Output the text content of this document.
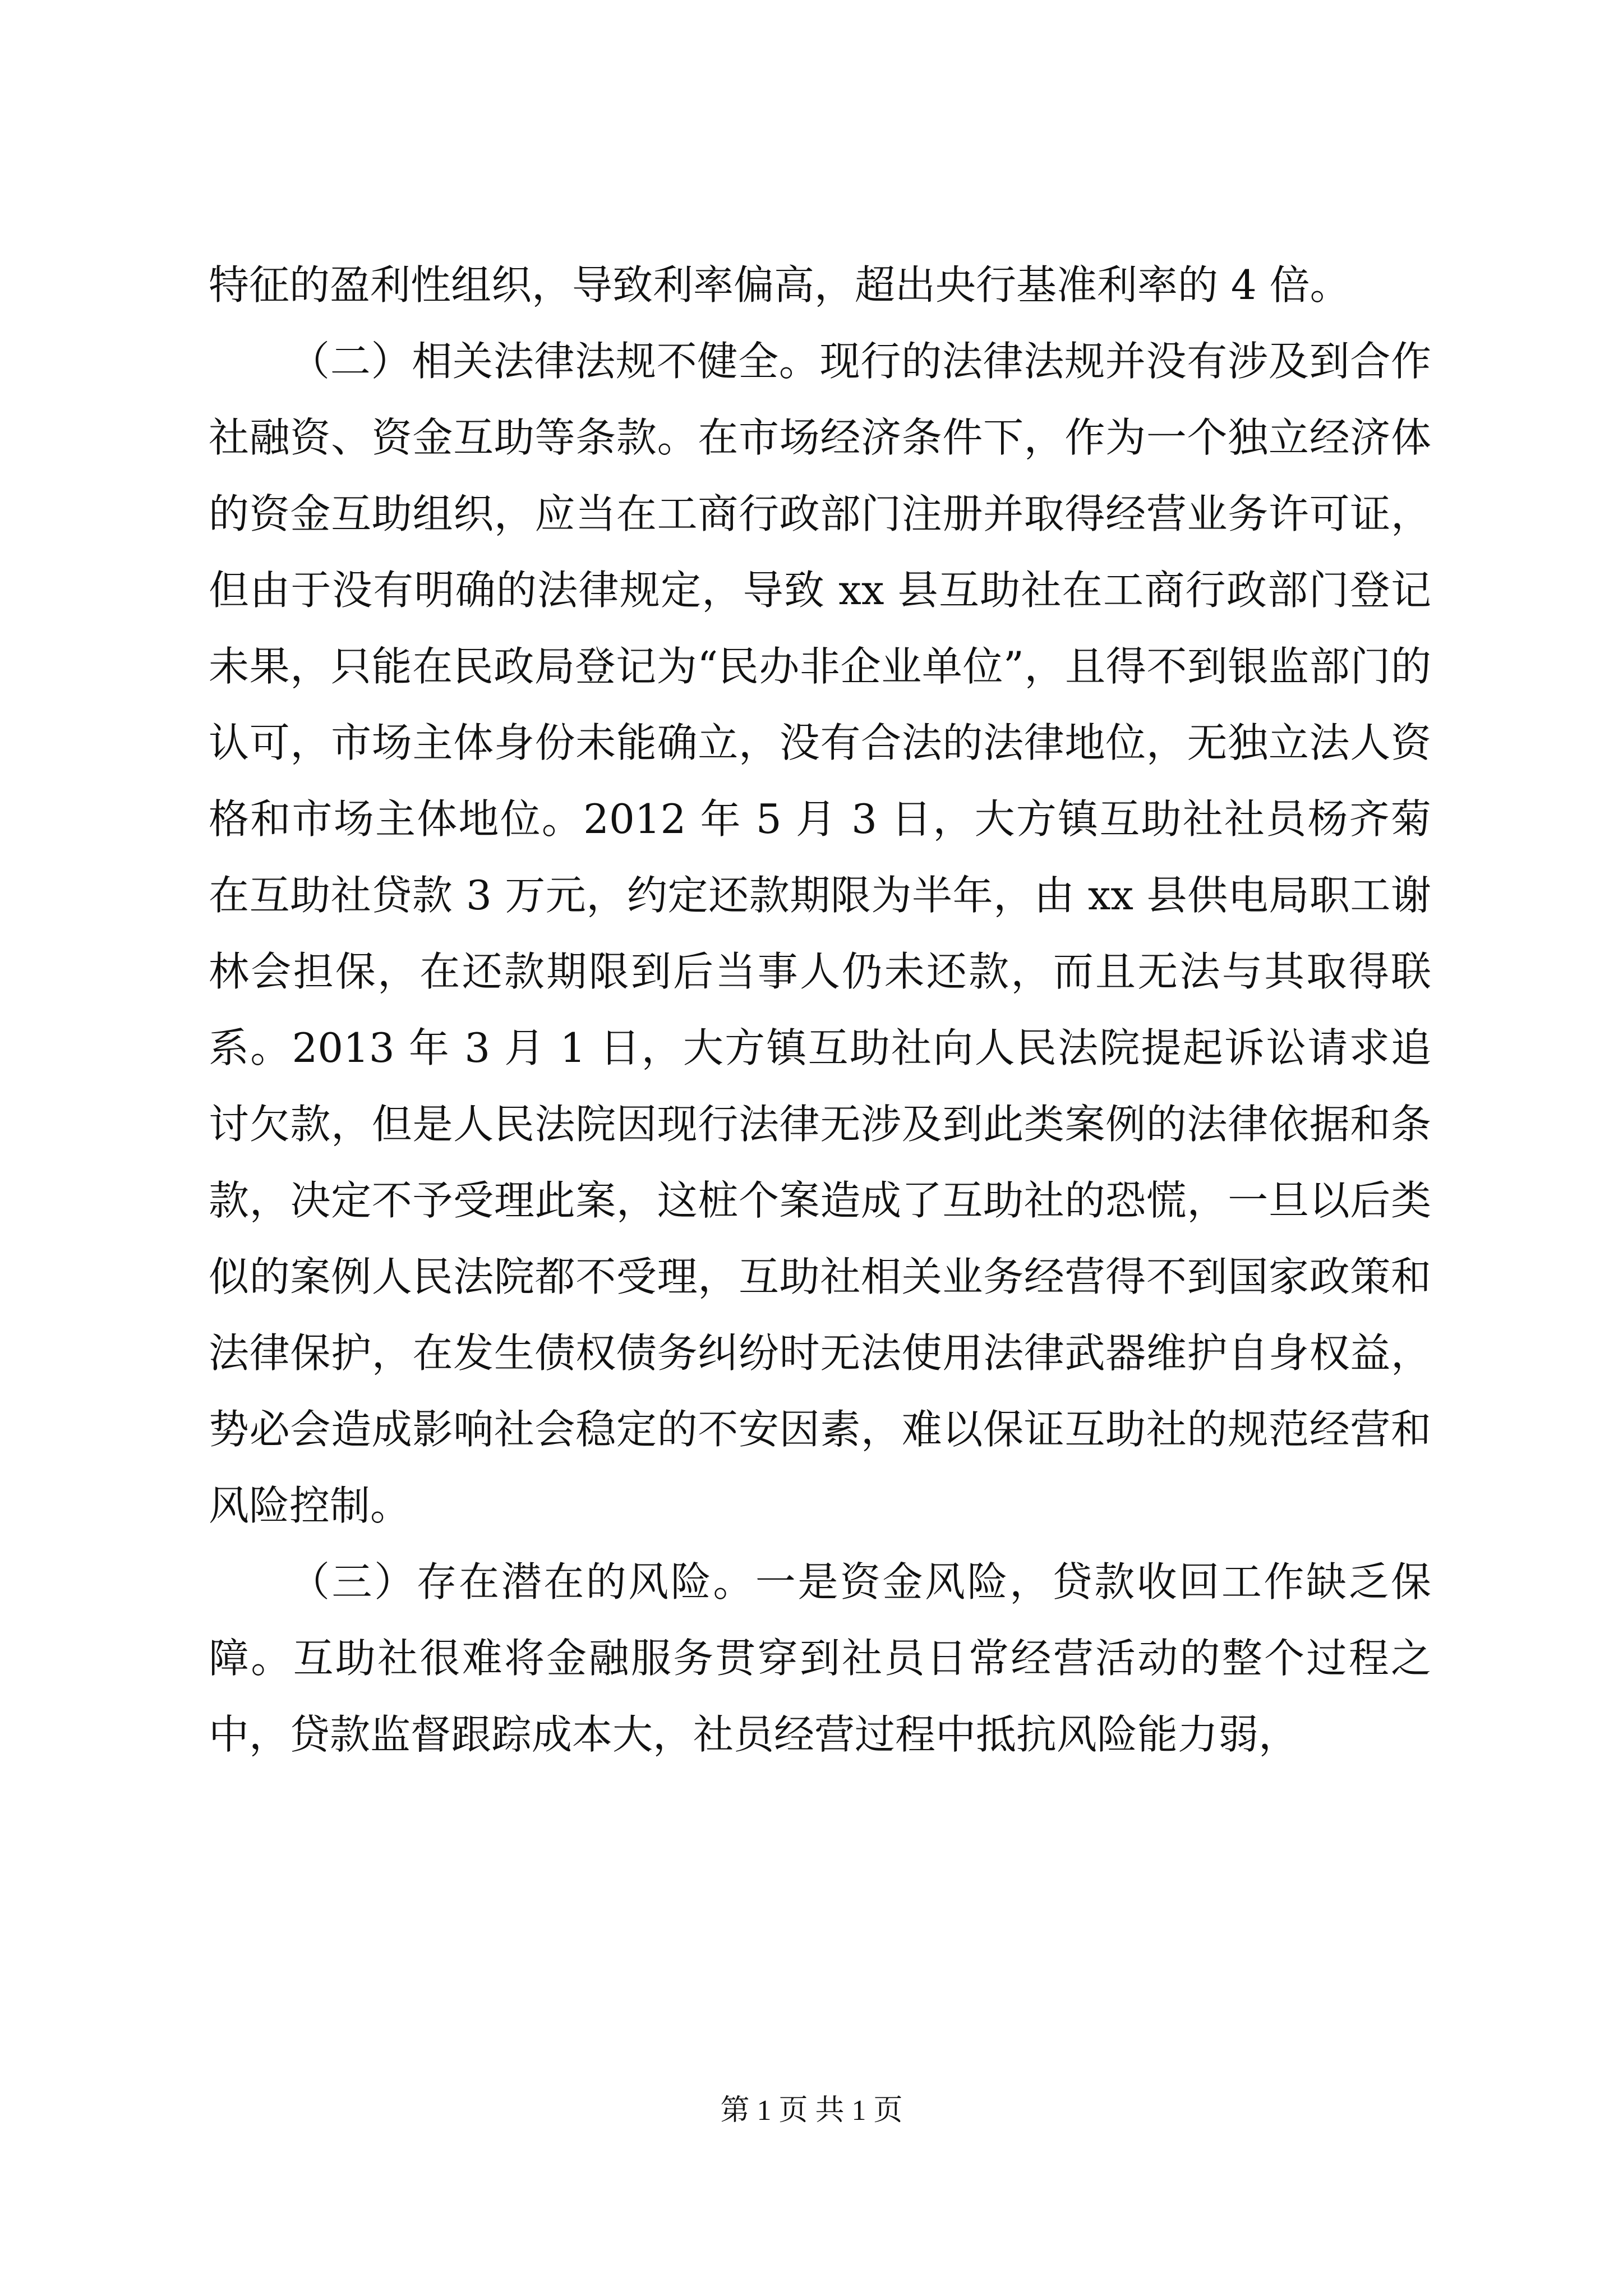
特征的盈利性组织，导致利率偏高，超出央行基准利率的 4 倍。

（二）相关法律法规不健全。现行的法律法规并没有涉及到合作社融资、资金互助等条款。在市场经济条件下，作为一个独立经济体的资金互助组织，应当在工商行政部门注册并取得经营业务许可证，但由于没有明确的法律规定，导致 xx 县互助社在工商行政部门登记未果，只能在民政局登记为“民办非企业单位”，且得不到银监部门的认可，市场主体身份未能确立，没有合法的法律地位，无独立法人资格和市场主体地位。2012 年 5 月 3 日，大方镇互助社社员杨齐菊在互助社贷款 3 万元，约定还款期限为半年，由 xx 县供电局职工谢林会担保，在还款期限到后当事人仍未还款，而且无法与其取得联系。2013 年 3 月 1 日，大方镇互助社向人民法院提起诉讼请求追讨欠款，但是人民法院因现行法律无涉及到此类案例的法律依据和条款，决定不予受理此案，这桩个案造成了互助社的恐慌，一旦以后类似的案例人民法院都不受理，互助社相关业务经营得不到国家政策和法律保护，在发生债权债务纠纷时无法使用法律武器维护自身权益，势必会造成影响社会稳定的不安因素，难以保证互助社的规范经营和风险控制。

（三）存在潜在的风险。一是资金风险，贷款收回工作缺乏保障。互助社很难将金融服务贯穿到社员日常经营活动的整个过程之中，贷款监督跟踪成本大，社员经营过程中抵抗风险能力弱，

第 1 页 共 1 页
